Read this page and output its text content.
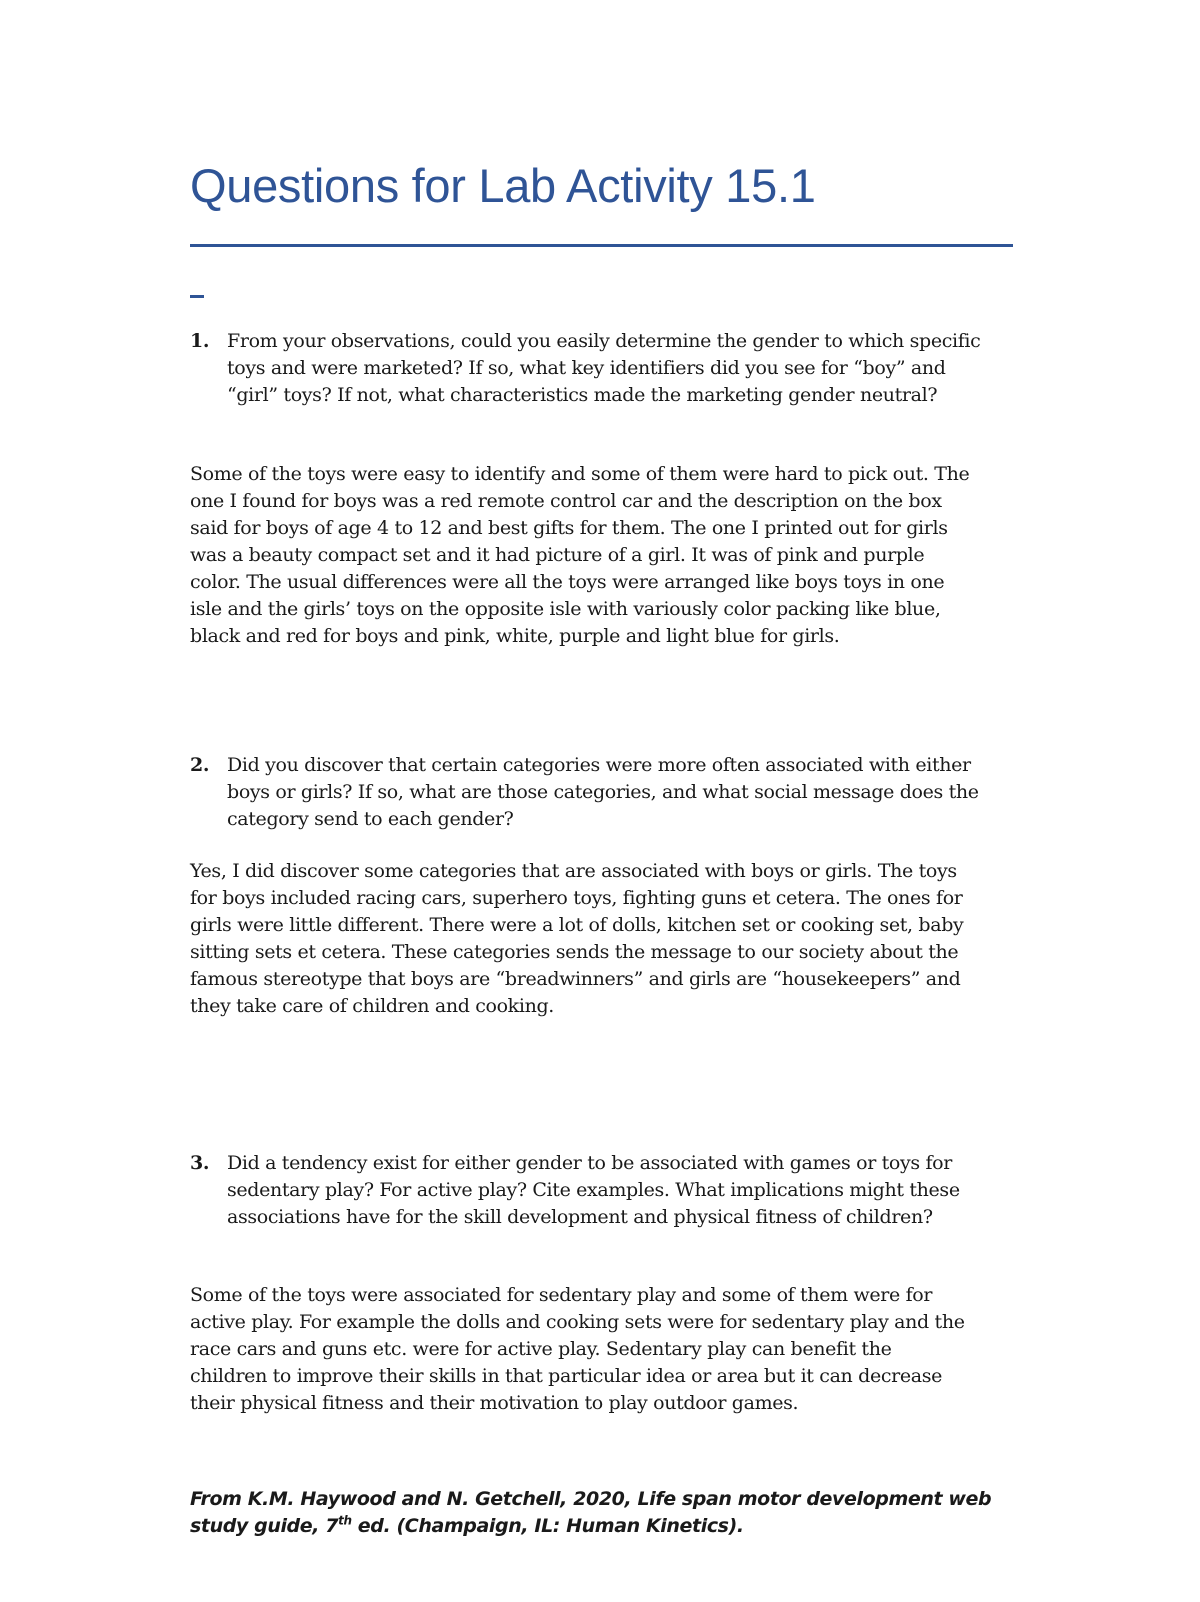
Questions for Lab Activity 15.1
1. From your observations, could you easily determine the gender to which specific toys and were marketed? If so, what key identifiers did you see for “boy” and “girl” toys? If not, what characteristics made the marketing gender neutral?

Some of the toys were easy to identify and some of them were hard to pick out. The one I found for boys was a red remote control car and the description on the box said for boys of age 4 to 12 and best gifts for them. The one I printed out for girls was a beauty compact set and it had picture of a girl. It was of pink and purple color. The usual differences were all the toys were arranged like boys toys in one isle and the girls’ toys on the opposite isle with variously color packing like blue, black and red for boys and pink, white, purple and light blue for girls.

2. Did you discover that certain categories were more often associated with either boys or girls? If so, what are those categories, and what social message does the category send to each gender?

Yes, I did discover some categories that are associated with boys or girls. The toys for boys included racing cars, superhero toys, fighting guns et cetera. The ones for girls were little different. There were a lot of dolls, kitchen set or cooking set, baby sitting sets et cetera. These categories sends the message to our society about the famous stereotype that boys are “breadwinners” and girls are “housekeepers” and they take care of children and cooking.

3. Did a tendency exist for either gender to be associated with games or toys for sedentary play? For active play? Cite examples. What implications might these associations have for the skill development and physical fitness of children?

Some of the toys were associated for sedentary play and some of them were for active play. For example the dolls and cooking sets were for sedentary play and the race cars and guns etc. were for active play. Sedentary play can benefit the children to improve their skills in that particular idea or area but it can decrease their physical fitness and their motivation to play outdoor games.

From K.M. Haywood and N. Getchell, 2020, Life span motor development web study guide, 7th ed. (Champaign, IL: Human Kinetics).
